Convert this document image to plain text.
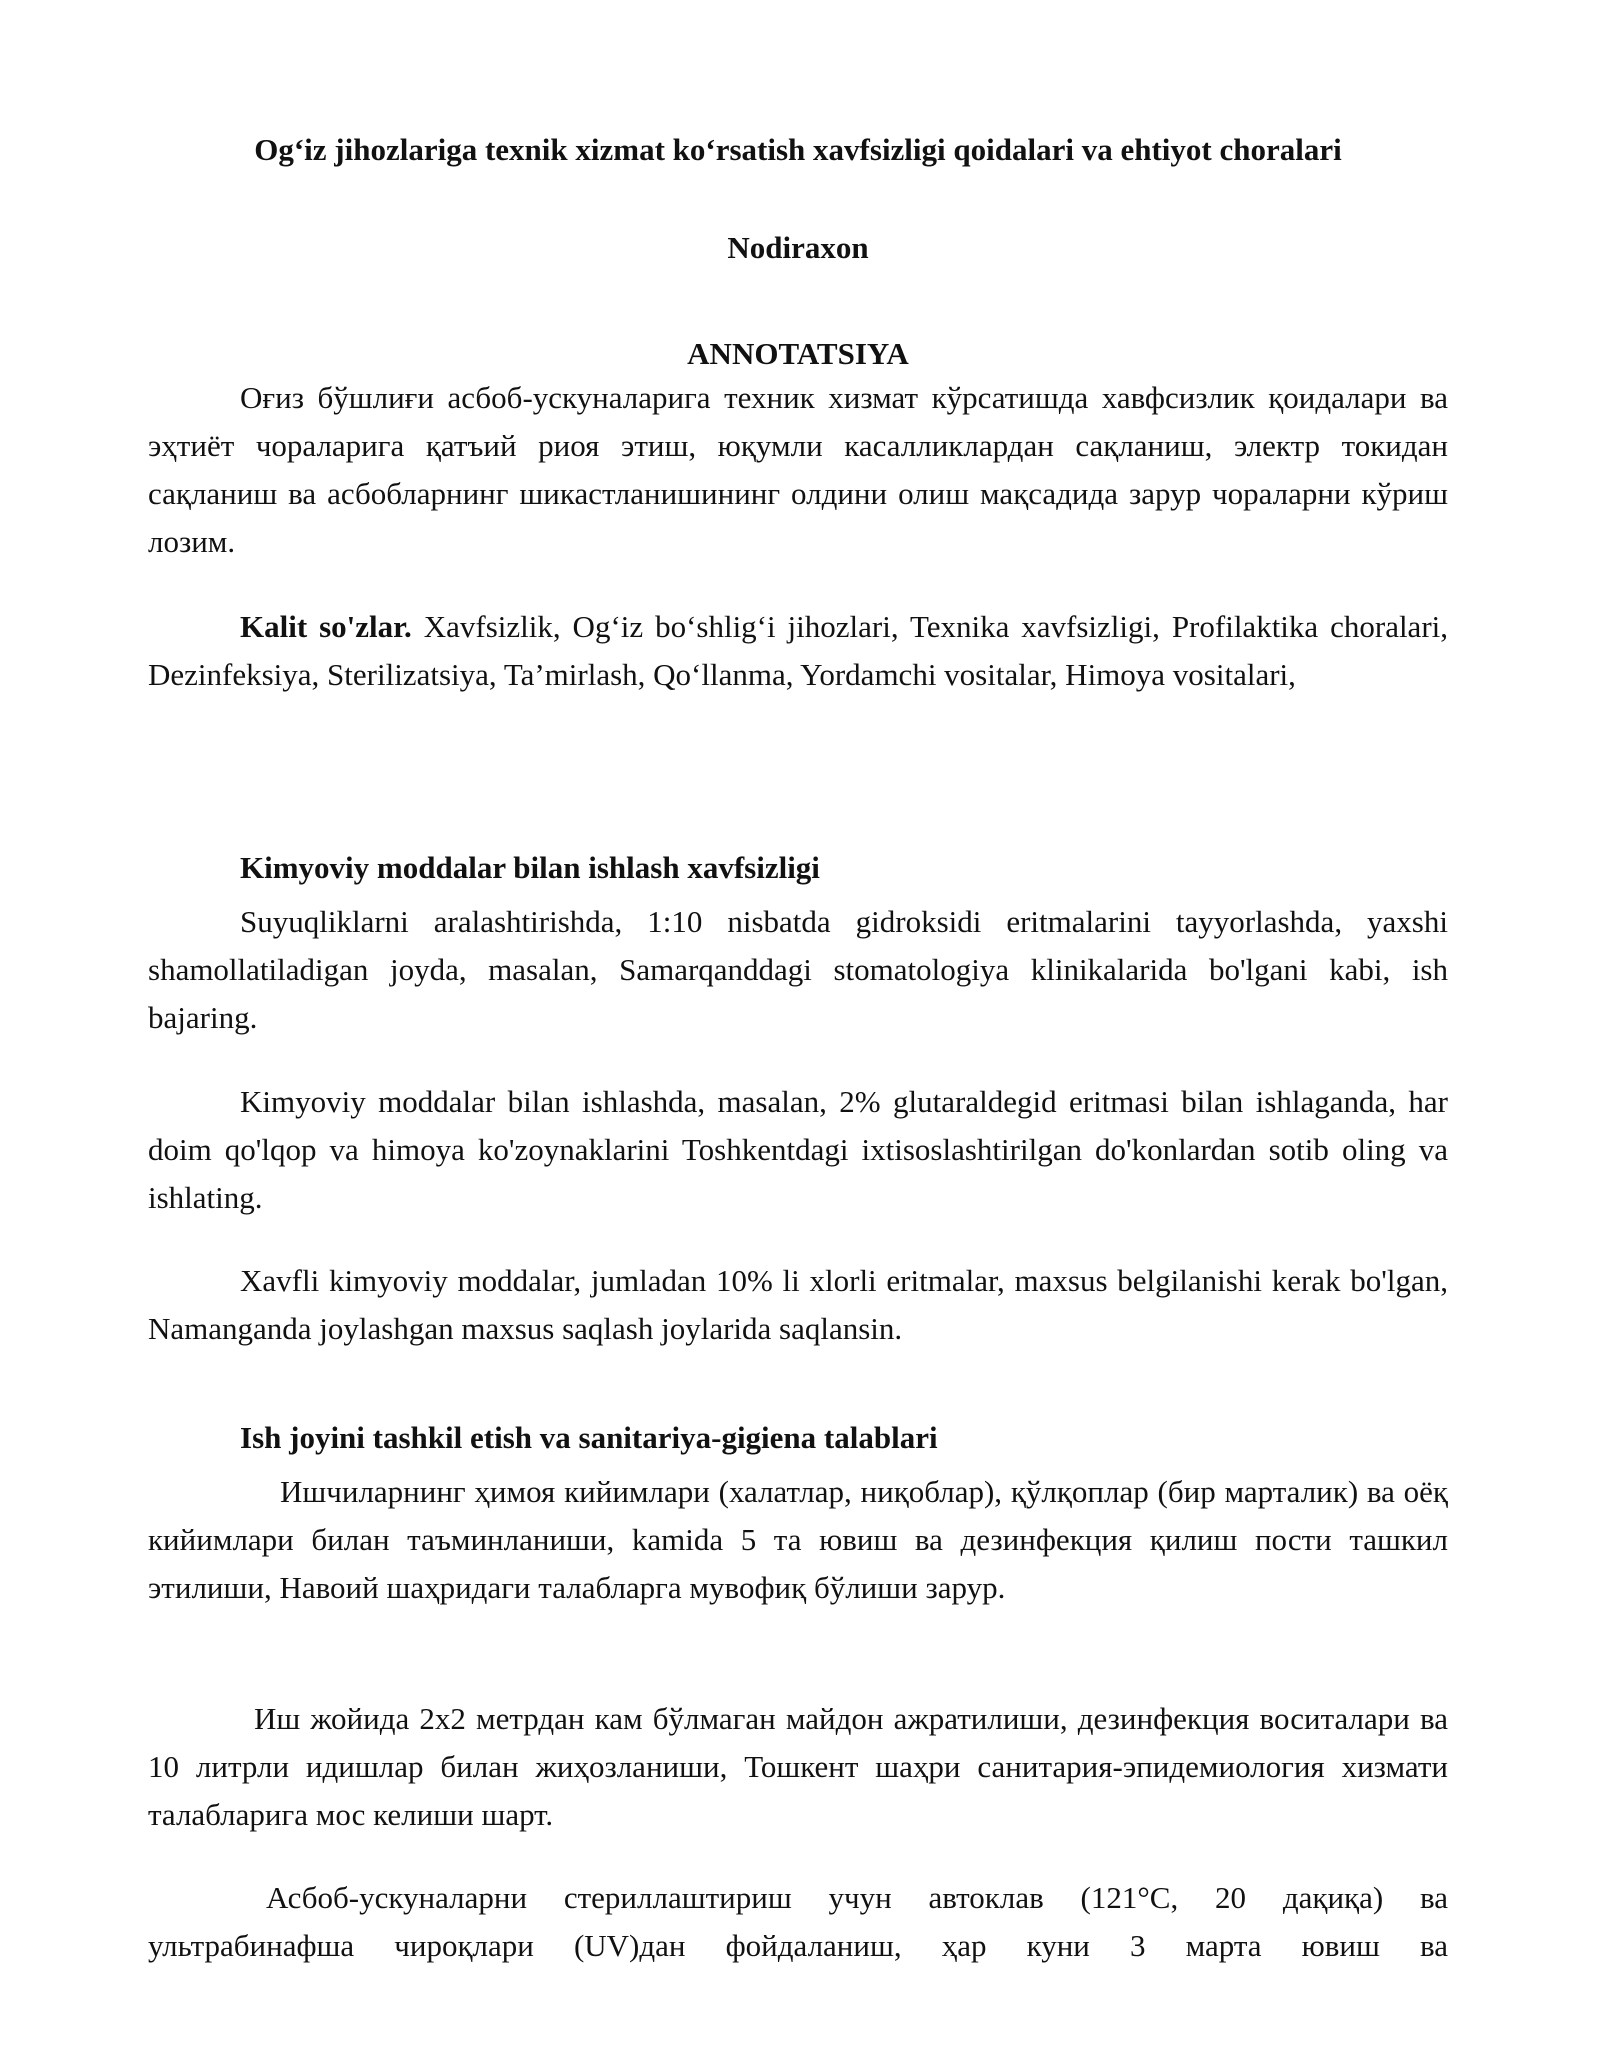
Og‘iz jihozlariga texnik xizmat ko‘rsatish xavfsizligi qoidalari va ehtiyot choralari
Nodiraxon
ANNOTATSIYA

Оғиз бўшлиғи асбоб-ускуналарига техник хизмат кўрсатишда хавфсизлик қоидалари ва эҳтиёт чораларига қатъий риоя этиш, юқумли касалликлардан сақланиш, электр токидан сақланиш ва асбобларнинг шикастланишининг олдини олиш мақсадида зарур чораларни кўриш лозим.

Kalit so'zlar. Xavfsizlik, Og‘iz bo‘shlig‘i jihozlari, Texnika xavfsizligi, Profilaktika choralari, Dezinfeksiya, Sterilizatsiya, Ta’mirlash, Qo‘llanma, Yordamchi vositalar, Himoya vositalari,

Kimyoviy moddalar bilan ishlash xavfsizligi

Suyuqliklarni aralashtirishda, 1:10 nisbatda gidroksidi eritmalarini tayyorlashda, yaxshi shamollatiladigan joyda, masalan, Samarqanddagi stomatologiya klinikalarida bo'lgani kabi, ish bajaring.

Kimyoviy moddalar bilan ishlashda, masalan, 2% glutaraldegid eritmasi bilan ishlaganda, har doim qo'lqop va himoya ko'zoynaklarini Toshkentdagi ixtisoslashtirilgan do'konlardan sotib oling va ishlating.

Xavfli kimyoviy moddalar, jumladan 10% li xlorli eritmalar, maxsus belgilanishi kerak bo'lgan, Namanganda joylashgan maxsus saqlash joylarida saqlansin.

Ish joyini tashkil etish va sanitariya-gigiena talablari

Ишчиларнинг ҳимоя кийимлари (халатлар, ниқоблар), қўлқоплар (бир марталик) ва оёқ кийимлари билан таъминланиши, kamida 5 та ювиш ва дезинфекция қилиш пости ташкил этилиши, Навоий шаҳридаги талабларга мувофиқ бўлиши зарур.

Иш жойида 2x2 метрдан кам бўлмаган майдон ажратилиши, дезинфекция воситалари ва 10 литрли идишлар билан жиҳозланиши, Тошкент шаҳри санитария-эпидемиология хизмати талабларига мос келиши шарт.

Асбоб-ускуналарни стериллаштириш учун автоклав (121°C, 20 дақиқа) ва ультрабинафша чироқлари (UV)дан фойдаланиш, ҳар куни 3 марта ювиш ва
